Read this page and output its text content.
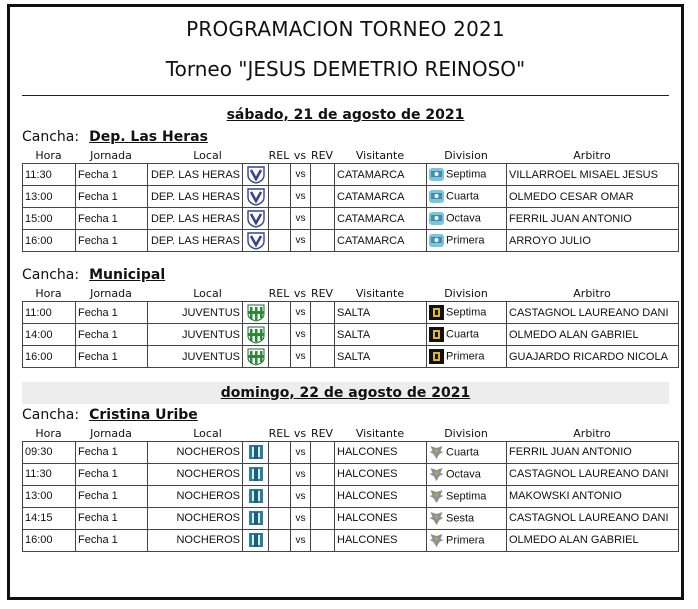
PROGRAMACION TORNEO 2021
Torneo "JESUS DEMETRIO REINOSO"
sábado, 21 de agosto de 2021
Cancha: Dep. Las Heras
Hora	Jornada	Local	REL vs REV	Visitante	Division	Arbitro
11:30	Fecha 1	DEP. LAS HERAS			vs		CATAMARCA	Septima	VILLARROEL MISAEL JESUS
13:00	Fecha 1	DEP. LAS HERAS			vs		CATAMARCA	Cuarta	OLMEDO CESAR OMAR
15:00	Fecha 1	DEP. LAS HERAS			vs		CATAMARCA	Octava	FERRIL JUAN ANTONIO
16:00	Fecha 1	DEP. LAS HERAS			vs		CATAMARCA	Primera	ARROYO JULIO
Cancha: Municipal
Hora	Jornada	Local	REL vs REV	Visitante	Division	Arbitro
11:00	Fecha 1	JUVENTUS			vs		SALTA	Septima	CASTAGNOL LAUREANO DANI
14:00	Fecha 1	JUVENTUS			vs		SALTA	Cuarta	OLMEDO ALAN GABRIEL
16:00	Fecha 1	JUVENTUS			vs		SALTA	Primera	GUAJARDO RICARDO NICOLA
domingo, 22 de agosto de 2021
Cancha: Cristina Uribe
Hora	Jornada	Local	REL vs REV	Visitante	Division	Arbitro
09:30	Fecha 1	NOCHEROS			vs		HALCONES	Cuarta	FERRIL JUAN ANTONIO
11:30	Fecha 1	NOCHEROS			vs		HALCONES	Octava	CASTAGNOL LAUREANO DANI
13:00	Fecha 1	NOCHEROS			vs		HALCONES	Septima	MAKOWSKI ANTONIO
14:15	Fecha 1	NOCHEROS			vs		HALCONES	Sesta	CASTAGNOL LAUREANO DANI
16:00	Fecha 1	NOCHEROS			vs		HALCONES	Primera	OLMEDO ALAN GABRIEL
